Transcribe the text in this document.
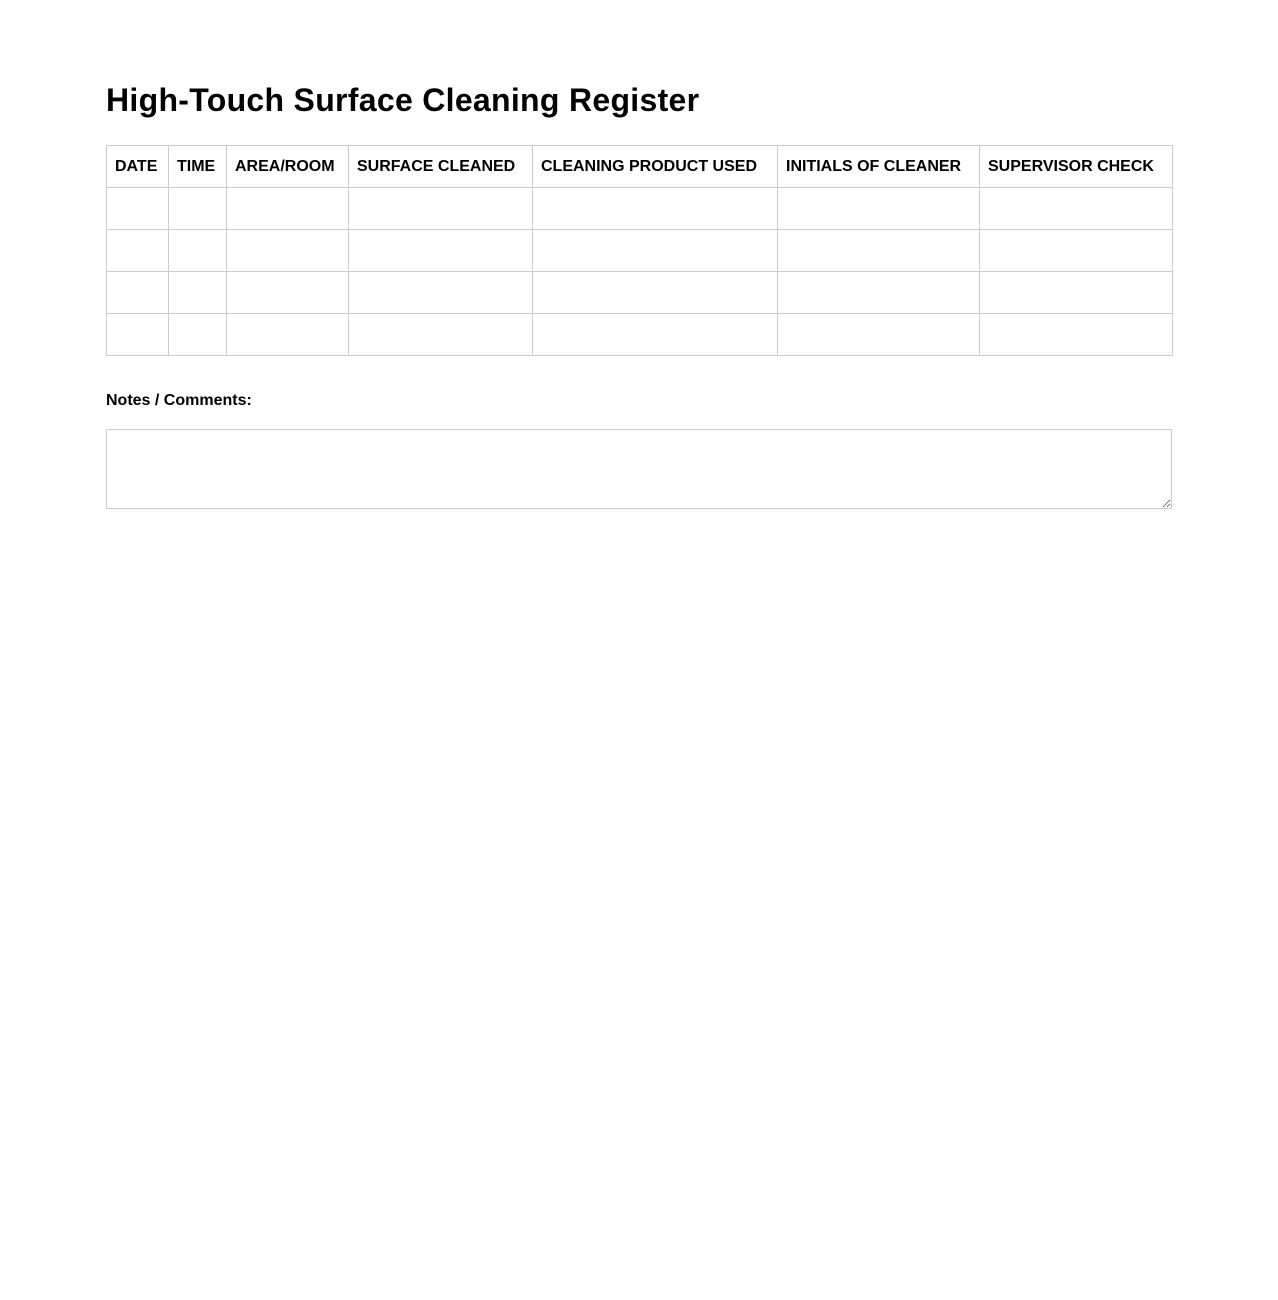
High-Touch Surface Cleaning Register
DATE	TIME	AREA/ROOM	SURFACE CLEANED	CLEANING PRODUCT USED	INITIALS OF CLEANER	SUPERVISOR CHECK

Notes / Comments:
